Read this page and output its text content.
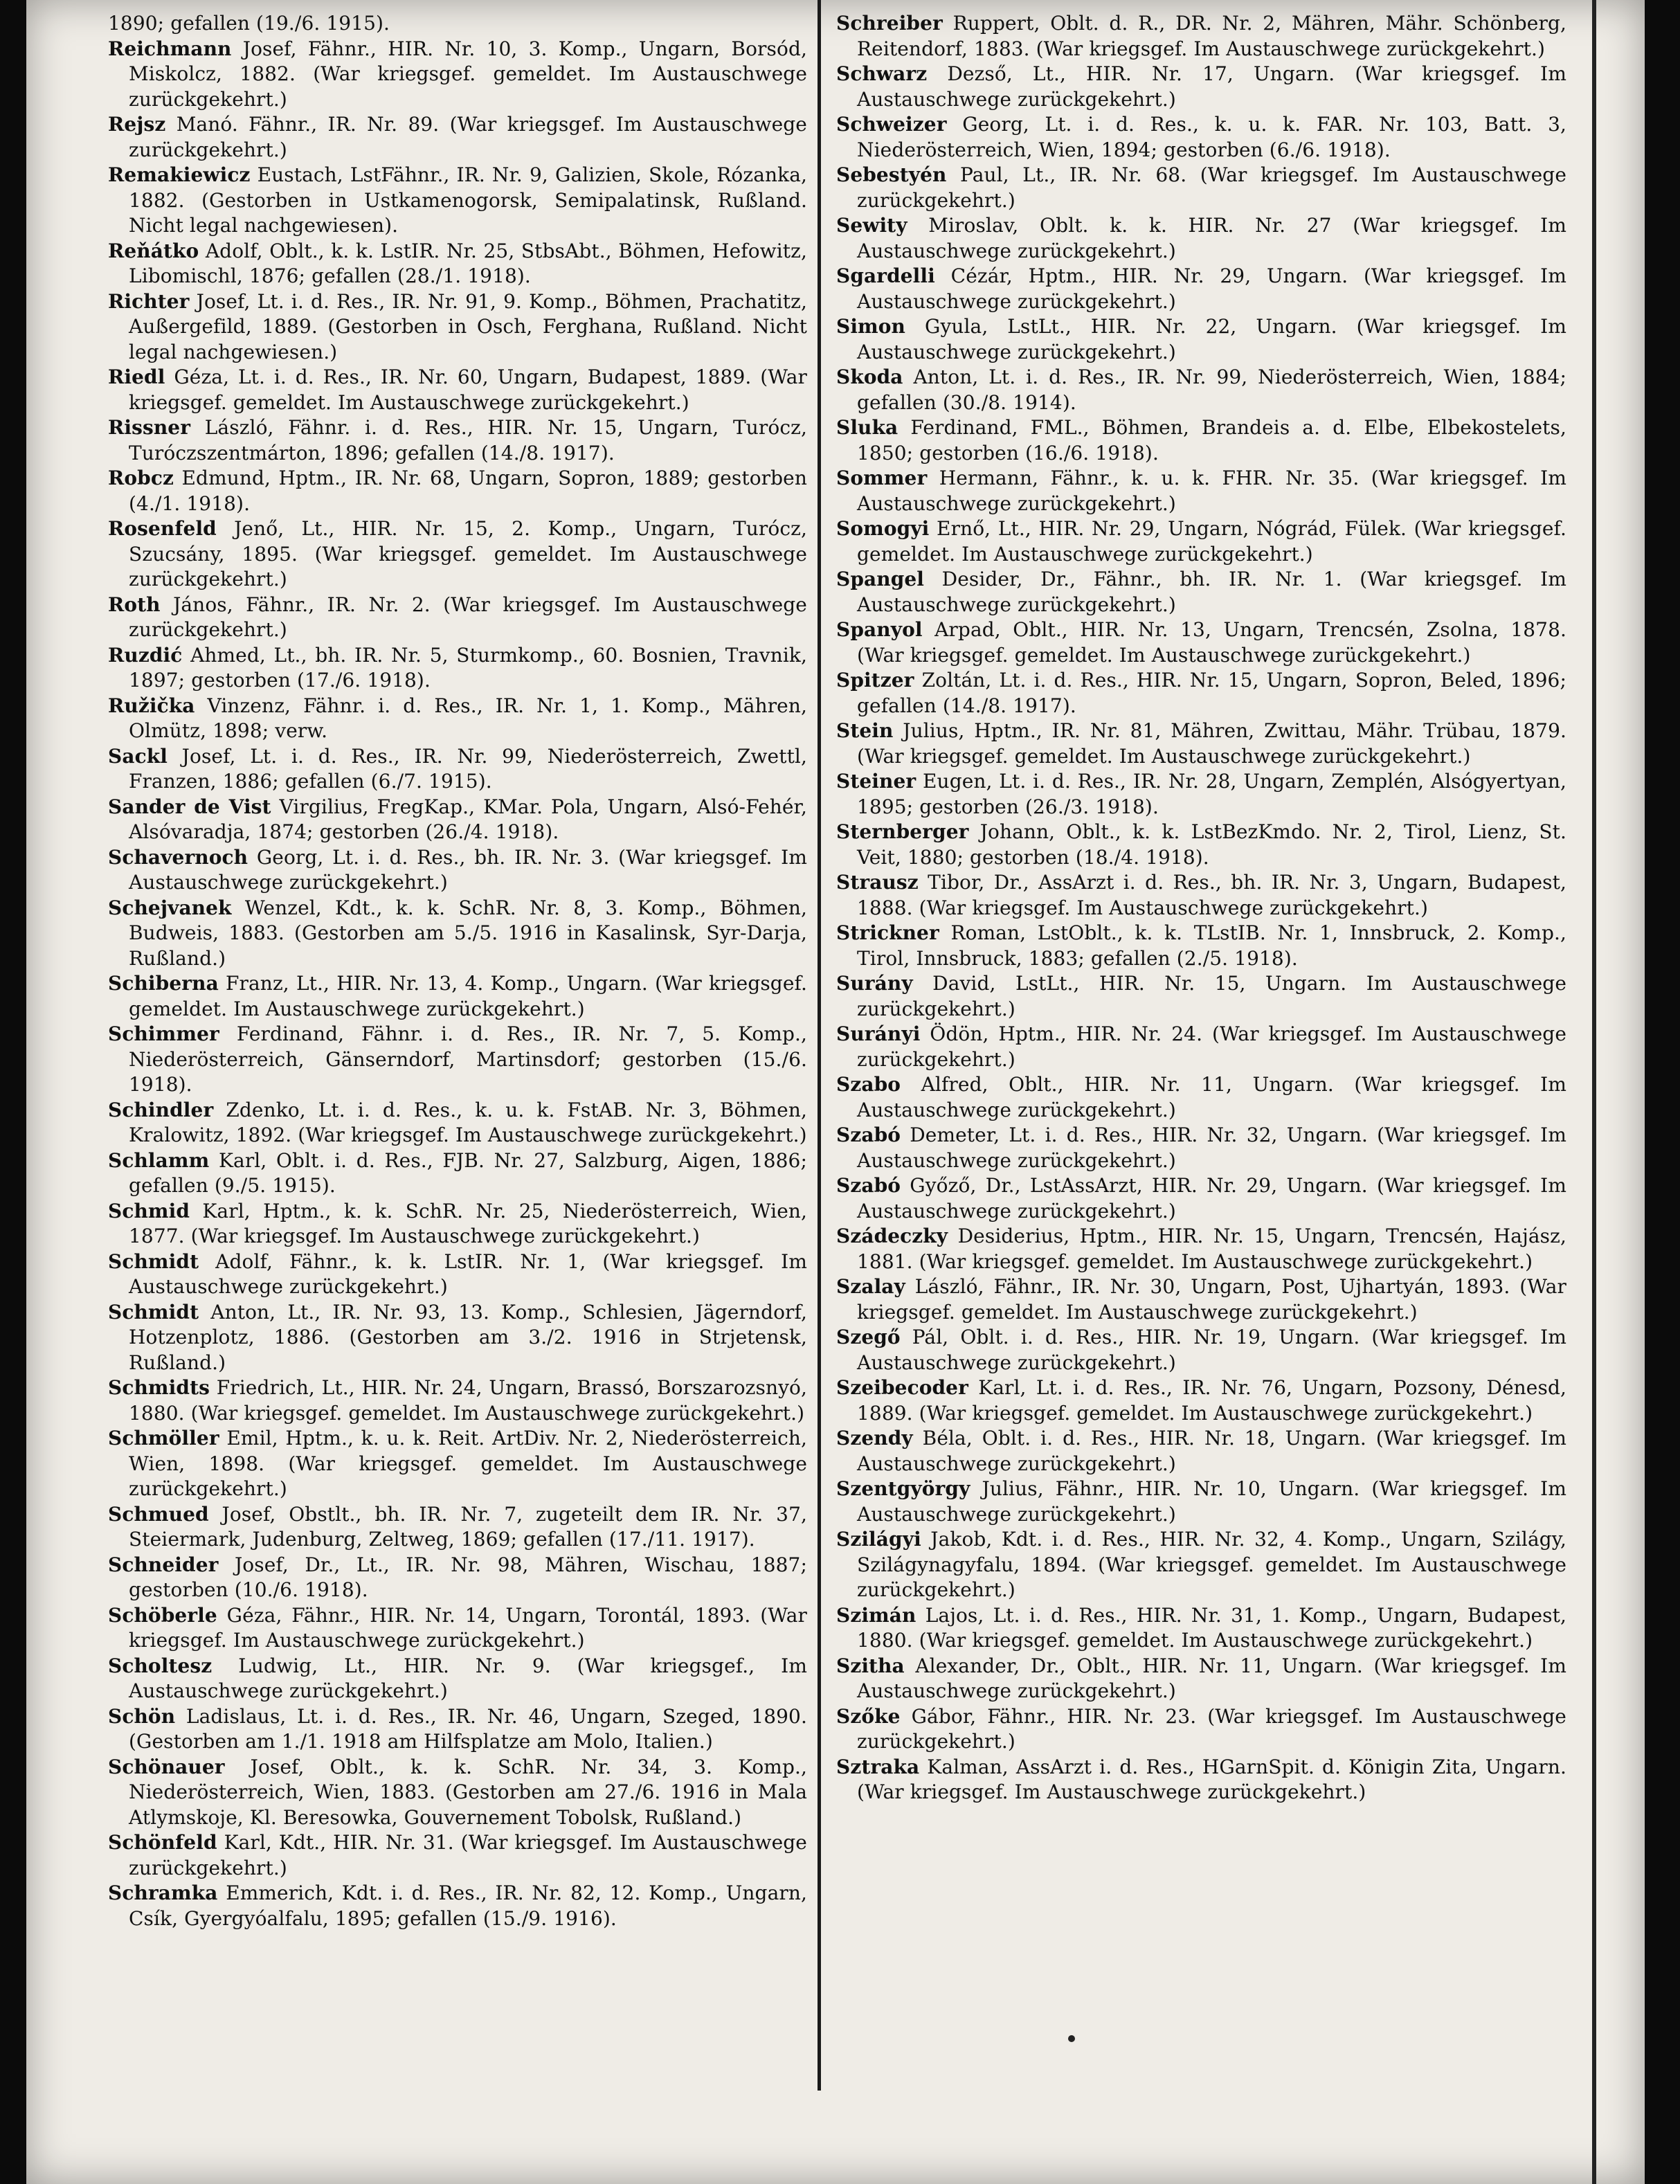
1890; gefallen (19./6. 1915).
Reichmann Josef, Fähnr., HIR. Nr. 10, 3. Komp., Ungarn, Borsód, Miskolcz, 1882. (War kriegsgef. gemeldet. Im Austauschwege zurückgekehrt.)
Rejsz Manó. Fähnr., IR. Nr. 89. (War kriegsgef. Im Austauschwege zurückgekehrt.)
Remakiewicz Eustach, LstFähnr., IR. Nr. 9, Galizien, Skole, Rózanka, 1882. (Gestorben in Ustkamenogorsk, Semipalatinsk, Rußland. Nicht legal nachgewiesen).
Reňátko Adolf, Oblt., k. k. LstIR. Nr. 25, StbsAbt., Böhmen, Hefowitz, Libomischl, 1876; gefallen (28./1. 1918).
Richter Josef, Lt. i. d. Res., IR. Nr. 91, 9. Komp., Böhmen, Prachatitz, Außergefild, 1889. (Gestorben in Osch, Ferghana, Rußland. Nicht legal nachgewiesen.)
Riedl Géza, Lt. i. d. Res., IR. Nr. 60, Ungarn, Budapest, 1889. (War kriegsgef. gemeldet. Im Austauschwege zurückgekehrt.)
Rissner László, Fähnr. i. d. Res., HIR. Nr. 15, Ungarn, Turócz, Turóczszentmárton, 1896; gefallen (14./8. 1917).
Robcz Edmund, Hptm., IR. Nr. 68, Ungarn, Sopron, 1889; gestorben (4./1. 1918).
Rosenfeld Jenő, Lt., HIR. Nr. 15, 2. Komp., Ungarn, Turócz, Szucsány, 1895. (War kriegsgef. gemeldet. Im Austauschwege zurückgekehrt.)
Roth János, Fähnr., IR. Nr. 2. (War kriegsgef. Im Austauschwege zurückgekehrt.)
Ruzdić Ahmed, Lt., bh. IR. Nr. 5, Sturmkomp., 60. Bosnien, Travnik, 1897; gestorben (17./6. 1918).
Ružička Vinzenz, Fähnr. i. d. Res., IR. Nr. 1, 1. Komp., Mähren, Olmütz, 1898; verw.
Sackl Josef, Lt. i. d. Res., IR. Nr. 99, Niederösterreich, Zwettl, Franzen, 1886; gefallen (6./7. 1915).
Sander de Vist Virgilius, FregKap., KMar. Pola, Ungarn, Alsó-Fehér, Alsóvaradja, 1874; gestorben (26./4. 1918).
Schavernoch Georg, Lt. i. d. Res., bh. IR. Nr. 3. (War kriegsgef. Im Austauschwege zurückgekehrt.)
Schejvanek Wenzel, Kdt., k. k. SchR. Nr. 8, 3. Komp., Böhmen, Budweis, 1883. (Gestorben am 5./5. 1916 in Kasalinsk, Syr-Darja, Rußland.)
Schiberna Franz, Lt., HIR. Nr. 13, 4. Komp., Ungarn. (War kriegsgef. gemeldet. Im Austauschwege zurückgekehrt.)
Schimmer Ferdinand, Fähnr. i. d. Res., IR. Nr. 7, 5. Komp., Niederösterreich, Gänserndorf, Martinsdorf; gestorben (15./6. 1918).
Schindler Zdenko, Lt. i. d. Res., k. u. k. FstAB. Nr. 3, Böhmen, Kralowitz, 1892. (War kriegsgef. Im Austauschwege zurückgekehrt.)
Schlamm Karl, Oblt. i. d. Res., FJB. Nr. 27, Salzburg, Aigen, 1886; gefallen (9./5. 1915).
Schmid Karl, Hptm., k. k. SchR. Nr. 25, Niederösterreich, Wien, 1877. (War kriegsgef. Im Austauschwege zurückgekehrt.)
Schmidt Adolf, Fähnr., k. k. LstIR. Nr. 1, (War kriegsgef. Im Austauschwege zurückgekehrt.)
Schmidt Anton, Lt., IR. Nr. 93, 13. Komp., Schlesien, Jägerndorf, Hotzenplotz, 1886. (Gestorben am 3./2. 1916 in Strjetensk, Rußland.)
Schmidts Friedrich, Lt., HIR. Nr. 24, Ungarn, Brassó, Borszarozsnyó, 1880. (War kriegsgef. gemeldet. Im Austauschwege zurückgekehrt.)
Schmöller Emil, Hptm., k. u. k. Reit. ArtDiv. Nr. 2, Niederösterreich, Wien, 1898. (War kriegsgef. gemeldet. Im Austauschwege zurückgekehrt.)
Schmued Josef, Obstlt., bh. IR. Nr. 7, zugeteilt dem IR. Nr. 37, Steiermark, Judenburg, Zeltweg, 1869; gefallen (17./11. 1917).
Schneider Josef, Dr., Lt., IR. Nr. 98, Mähren, Wischau, 1887; gestorben (10./6. 1918).
Schöberle Géza, Fähnr., HIR. Nr. 14, Ungarn, Torontál, 1893. (War kriegsgef. Im Austauschwege zurückgekehrt.)
Scholtesz Ludwig, Lt., HIR. Nr. 9. (War kriegsgef., Im Austauschwege zurückgekehrt.)
Schön Ladislaus, Lt. i. d. Res., IR. Nr. 46, Ungarn, Szeged, 1890. (Gestorben am 1./1. 1918 am Hilfsplatze am Molo, Italien.)
Schönauer Josef, Oblt., k. k. SchR. Nr. 34, 3. Komp., Niederösterreich, Wien, 1883. (Gestorben am 27./6. 1916 in Mala Atlymskoje, Kl. Beresowka, Gouvernement Tobolsk, Rußland.)
Schönfeld Karl, Kdt., HIR. Nr. 31. (War kriegsgef. Im Austauschwege zurückgekehrt.)
Schramka Emmerich, Kdt. i. d. Res., IR. Nr. 82, 12. Komp., Ungarn, Csík, Gyergyóalfalu, 1895; gefallen (15./9. 1916).
Schreiber Ruppert, Oblt. d. R., DR. Nr. 2, Mähren, Mähr. Schönberg, Reitendorf, 1883. (War kriegsgef. Im Austauschwege zurückgekehrt.)
Schwarz Dezső, Lt., HIR. Nr. 17, Ungarn. (War kriegsgef. Im Austauschwege zurückgekehrt.)
Schweizer Georg, Lt. i. d. Res., k. u. k. FAR. Nr. 103, Batt. 3, Niederösterreich, Wien, 1894; gestorben (6./6. 1918).
Sebestyén Paul, Lt., IR. Nr. 68. (War kriegsgef. Im Austauschwege zurückgekehrt.)
Sewity Miroslav, Oblt. k. k. HIR. Nr. 27 (War kriegsgef. Im Austauschwege zurückgekehrt.)
Sgardelli Cézár, Hptm., HIR. Nr. 29, Ungarn. (War kriegsgef. Im Austauschwege zurückgekehrt.)
Simon Gyula, LstLt., HIR. Nr. 22, Ungarn. (War kriegsgef. Im Austauschwege zurückgekehrt.)
Skoda Anton, Lt. i. d. Res., IR. Nr. 99, Niederösterreich, Wien, 1884; gefallen (30./8. 1914).
Sluka Ferdinand, FML., Böhmen, Brandeis a. d. Elbe, Elbekostelets, 1850; gestorben (16./6. 1918).
Sommer Hermann, Fähnr., k. u. k. FHR. Nr. 35. (War kriegsgef. Im Austauschwege zurückgekehrt.)
Somogyi Ernő, Lt., HIR. Nr. 29, Ungarn, Nógrád, Fülek. (War kriegsgef. gemeldet. Im Austauschwege zurückgekehrt.)
Spangel Desider, Dr., Fähnr., bh. IR. Nr. 1. (War kriegsgef. Im Austauschwege zurückgekehrt.)
Spanyol Arpad, Oblt., HIR. Nr. 13, Ungarn, Trencsén, Zsolna, 1878. (War kriegsgef. gemeldet. Im Austauschwege zurückgekehrt.)
Spitzer Zoltán, Lt. i. d. Res., HIR. Nr. 15, Ungarn, Sopron, Beled, 1896; gefallen (14./8. 1917).
Stein Julius, Hptm., IR. Nr. 81, Mähren, Zwittau, Mähr. Trübau, 1879. (War kriegsgef. gemeldet. Im Austauschwege zurückgekehrt.)
Steiner Eugen, Lt. i. d. Res., IR. Nr. 28, Ungarn, Zemplén, Alsógyertyan, 1895; gestorben (26./3. 1918).
Sternberger Johann, Oblt., k. k. LstBezKmdo. Nr. 2, Tirol, Lienz, St. Veit, 1880; gestorben (18./4. 1918).
Strausz Tibor, Dr., AssArzt i. d. Res., bh. IR. Nr. 3, Ungarn, Budapest, 1888. (War kriegsgef. Im Austauschwege zurückgekehrt.)
Strickner Roman, LstOblt., k. k. TLstIB. Nr. 1, Innsbruck, 2. Komp., Tirol, Innsbruck, 1883; gefallen (2./5. 1918).
Surány David, LstLt., HIR. Nr. 15, Ungarn. Im Austauschwege zurückgekehrt.)
Surányi Ödön, Hptm., HIR. Nr. 24. (War kriegsgef. Im Austauschwege zurückgekehrt.)
Szabo Alfred, Oblt., HIR. Nr. 11, Ungarn. (War kriegsgef. Im Austauschwege zurückgekehrt.)
Szabó Demeter, Lt. i. d. Res., HIR. Nr. 32, Ungarn. (War kriegsgef. Im Austauschwege zurückgekehrt.)
Szabó Győző, Dr., LstAssArzt, HIR. Nr. 29, Ungarn. (War kriegsgef. Im Austauschwege zurückgekehrt.)
Szádeczky Desiderius, Hptm., HIR. Nr. 15, Ungarn, Trencsén, Hajász, 1881. (War kriegsgef. gemeldet. Im Austauschwege zurückgekehrt.)
Szalay László, Fähnr., IR. Nr. 30, Ungarn, Post, Ujhartyán, 1893. (War kriegsgef. gemeldet. Im Austauschwege zurückgekehrt.)
Szegő Pál, Oblt. i. d. Res., HIR. Nr. 19, Ungarn. (War kriegsgef. Im Austauschwege zurückgekehrt.)
Szeibecoder Karl, Lt. i. d. Res., IR. Nr. 76, Ungarn, Pozsony, Dénesd, 1889. (War kriegsgef. gemeldet. Im Austauschwege zurückgekehrt.)
Szendy Béla, Oblt. i. d. Res., HIR. Nr. 18, Ungarn. (War kriegsgef. Im Austauschwege zurückgekehrt.)
Szentgyörgy Julius, Fähnr., HIR. Nr. 10, Ungarn. (War kriegsgef. Im Austauschwege zurückgekehrt.)
Szilágyi Jakob, Kdt. i. d. Res., HIR. Nr. 32, 4. Komp., Ungarn, Szilágy, Szilágynagyfalu, 1894. (War kriegsgef. gemeldet. Im Austauschwege zurückgekehrt.)
Szimán Lajos, Lt. i. d. Res., HIR. Nr. 31, 1. Komp., Ungarn, Budapest, 1880. (War kriegsgef. gemeldet. Im Austauschwege zurückgekehrt.)
Szitha Alexander, Dr., Oblt., HIR. Nr. 11, Ungarn. (War kriegsgef. Im Austauschwege zurückgekehrt.)
Szőke Gábor, Fähnr., HIR. Nr. 23. (War kriegsgef. Im Austauschwege zurückgekehrt.)
Sztraka Kalman, AssArzt i. d. Res., HGarnSpit. d. Königin Zita, Ungarn. (War kriegsgef. Im Austauschwege zurückgekehrt.)
